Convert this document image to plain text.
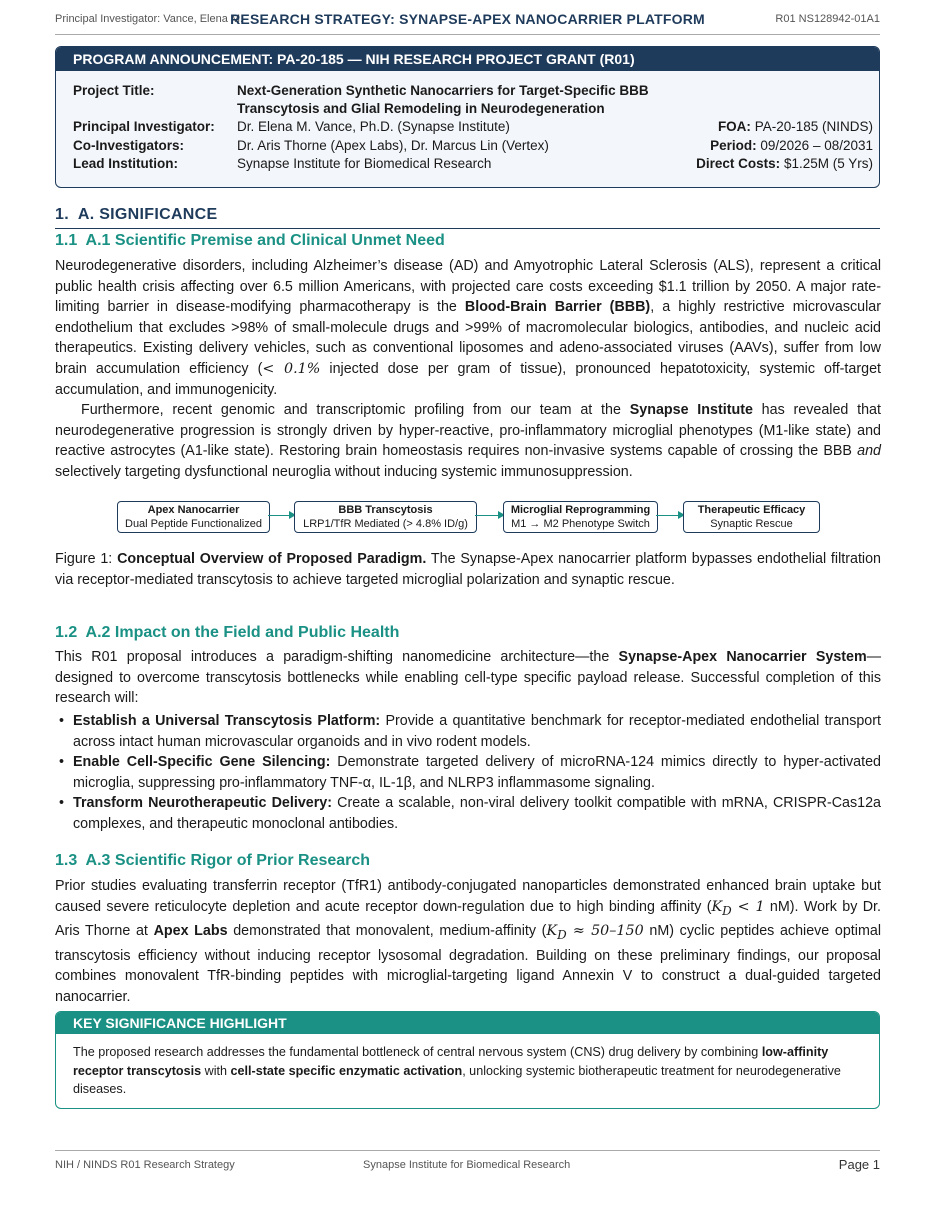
Principal Investigator: Vance, Elena M.
RESEARCH STRATEGY: SYNAPSE-APEX NANOCARRIER PLATFORM	R01 NS128942-01A1
PROGRAM ANNOUNCEMENT: PA-20-185 — NIH RESEARCH PROJECT GRANT (R01)
Project Title:	Next-Generation Synthetic Nanocarriers for Target-Specific BBB
Transcytosis and Glial Remodeling in Neurodegeneration
Principal Investigator: Dr. Elena M. Vance, Ph.D. (Synapse Institute)	FOA: PA-20-185 (NINDS)
Co-Investigators:	Dr. Aris Thorne (Apex Labs), Dr. Marcus Lin (Vertex)	Period: 09/2026 – 08/2031
Lead Institution:	Synapse Institute for Biomedical Research	Direct Costs: $1.25M (5 Yrs)
1. A. SIGNIFICANCE
1.1 A.1 Scientific Premise and Clinical Unmet Need

Neurodegenerative disorders, including Alzheimer’s disease (AD) and Amyotrophic Lateral Sclerosis (ALS), represent a critical public health crisis affecting over 6.5 million Americans, with projected care costs exceeding $1.1 trillion by 2050. A major rate-limiting barrier in disease-modifying pharmacotherapy is the Blood-Brain Barrier (BBB), a highly restrictive microvascular endothelium that excludes >98% of small-molecule drugs and >99% of macromolecular biologics, antibodies, and nucleic acid therapeutics. Existing delivery vehicles, such as conventional liposomes and adeno-associated viruses (AAVs), suffer from low brain accumulation efficiency (< 0.1% injected dose per gram of tissue), pronounced hepatotoxicity, systemic off-target accumulation, and immunogenicity.

Furthermore, recent genomic and transcriptomic profiling from our team at the Synapse Institute has revealed that neurodegenerative progression is strongly driven by hyper-reactive, pro-inflammatory microglial phenotypes (M1-like state) and reactive astrocytes (A1-like state). Restoring brain homeostasis requires non-invasive systems capable of crossing the BBB and selectively targeting dysfunctional neuroglia without inducing systemic immunosuppression.

Apex Nanocarrier
Dual Peptide Functionalized
BBB Transcytosis
LRP1/TfR Mediated (> 4.8% ID/g)
Microglial Reprogramming
M1 → M2 Phenotype Switch
Therapeutic Efficacy
Synaptic Rescue

Figure 1: Conceptual Overview of Proposed Paradigm. The Synapse-Apex nanocarrier platform bypasses endothelial filtration via receptor-mediated transcytosis to achieve targeted microglial polarization and synaptic rescue.

1.2 A.2 Impact on the Field and Public Health

This R01 proposal introduces a paradigm-shifting nanomedicine architecture—the Synapse-Apex Nanocarrier System—designed to overcome transcytosis bottlenecks while enabling cell-type specific payload release. Successful completion of this research will:

• Establish a Universal Transcytosis Platform: Provide a quantitative benchmark for receptor-mediated endothelial transport across intact human microvascular organoids and in vivo rodent models.
• Enable Cell-Specific Gene Silencing: Demonstrate targeted delivery of microRNA-124 mimics directly to hyper-activated microglia, suppressing pro-inflammatory TNF-α, IL-1β, and NLRP3 inflammasome signaling.
• Transform Neurotherapeutic Delivery: Create a scalable, non-viral delivery toolkit compatible with mRNA, CRISPR-Cas12a complexes, and therapeutic monoclonal antibodies.
1.3 A.3 Scientific Rigor of Prior Research

Prior studies evaluating transferrin receptor (TfR1) antibody-conjugated nanoparticles demonstrated enhanced brain uptake but caused severe reticulocyte depletion and acute receptor down-regulation due to high binding affinity ($K_D < 1$ nM). Work by Dr. Aris Thorne at Apex Labs demonstrated that monovalent, medium-affinity ($K_D \approx 50-150$ nM) cyclic peptides achieve optimal transcytosis efficiency without inducing receptor lysosomal degradation. Building on these preliminary findings, our proposal combines monovalent TfR-binding peptides with microglial-targeting ligand Annexin V to construct a dual-guided targeted nanocarrier.

KEY SIGNIFICANCE HIGHLIGHT
The proposed research addresses the fundamental bottleneck of central nervous system (CNS) drug delivery by combining low-affinity receptor transcytosis with cell-state specific enzymatic activation, unlocking systemic biotherapeutic treatment for neurodegenerative diseases.
NIH / NINDS R01 Research Strategy	Synapse Institute for Biomedical Research	Page 1
